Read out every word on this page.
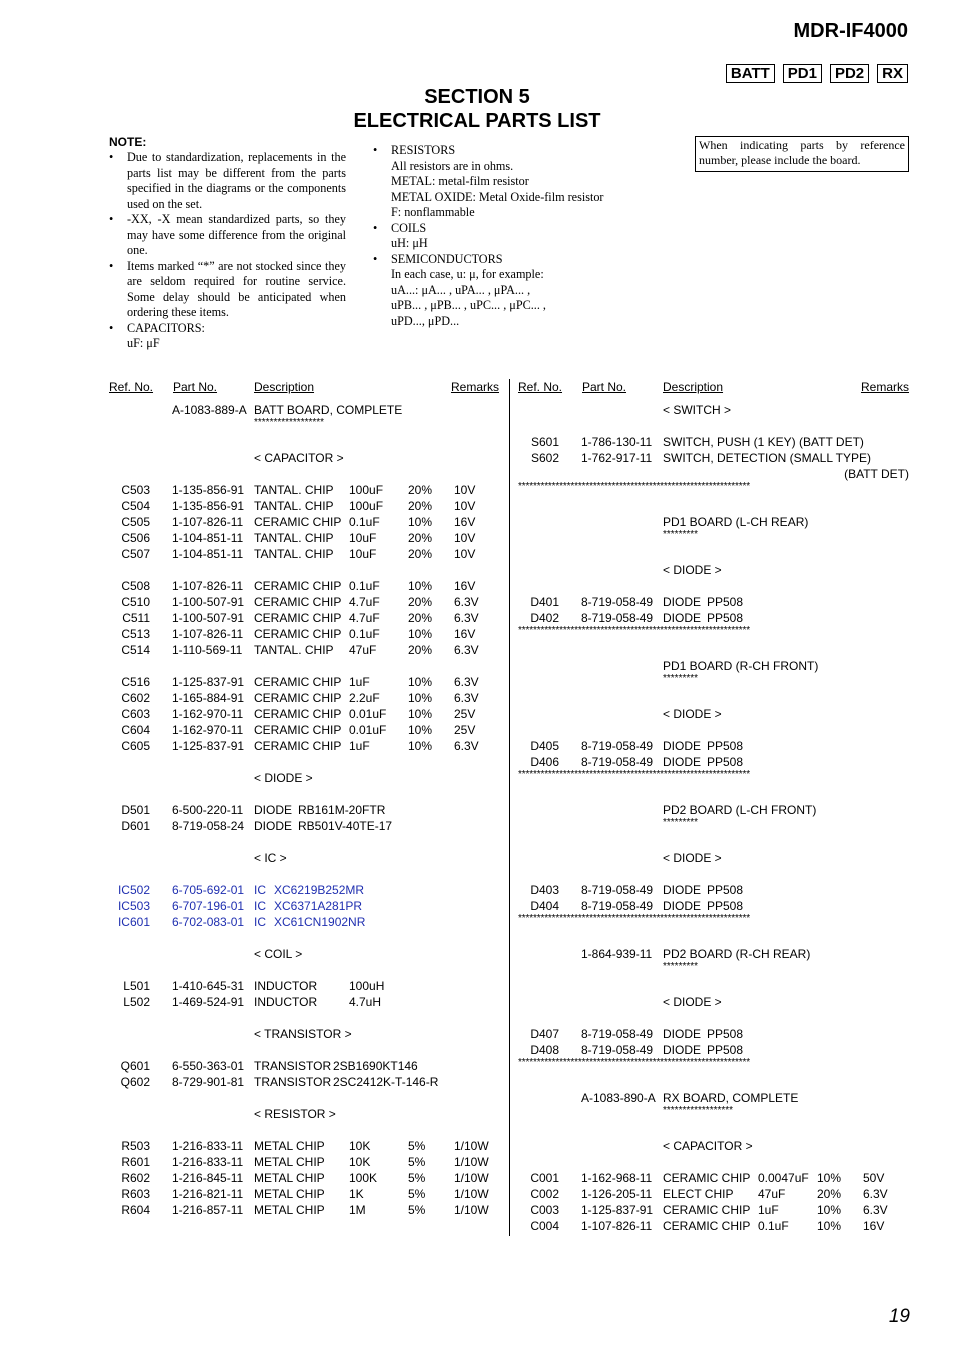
MDR-IF4000
BATT	PD1	PD2	RX
SECTION 5
ELECTRICAL PARTS LIST
NOTE:
• Due to standardization, replacements in the parts list may be different from the parts specified in the diagrams or the components used on the set.
• -XX, -X mean standardized parts, so they may have some difference from the original one.
• Items marked “*” are not stocked since they are seldom required for routine service. Some delay should be anticipated when ordering these items.
• CAPACITORS:
uF: μF
• RESISTORS
All resistors are in ohms.
METAL: metal-film resistor
METAL OXIDE: Metal Oxide-film resistor
F: nonflammable
• COILS
uH: μH
• SEMICONDUCTORS
In each case, u: μ, for example:
uA...: μA... , uPA... , μPA... ,
uPB... , μPB... , uPC... , μPC... ,
uPD..., μPD...
When indicating parts by reference number, please include the board.
Ref. No. Part No.	Description	Remarks
A-1083-889-A BATT BOARD, COMPLETE
******************
< CAPACITOR >
C503 1-135-856-91 TANTAL. CHIP 100uF 20% 10V
C504 1-135-856-91 TANTAL. CHIP 100uF 20% 10V
C505 1-107-826-11 CERAMIC CHIP 0.1uF 10% 16V
C506 1-104-851-11 TANTAL. CHIP 10uF	20% 10V
C507 1-104-851-11 TANTAL. CHIP 10uF	20% 10V
C508 1-107-826-11 CERAMIC CHIP 0.1uF 10% 16V
C510 1-100-507-91 CERAMIC CHIP 4.7uF 20% 6.3V
C511 1-100-507-91 CERAMIC CHIP 4.7uF 20% 6.3V
C513 1-107-826-11 CERAMIC CHIP 0.1uF 10% 16V
C514 1-110-569-11 TANTAL. CHIP 47uF	20% 6.3V
C516 1-125-837-91 CERAMIC CHIP 1uF	10% 6.3V
C602 1-165-884-91 CERAMIC CHIP 2.2uF 10% 6.3V
C603 1-162-970-11 CERAMIC CHIP 0.01uF 10% 25V
C604 1-162-970-11 CERAMIC CHIP 0.01uF 10% 25V
C605 1-125-837-91 CERAMIC CHIP 1uF	10% 6.3V
< DIODE >
D501 6-500-220-11 DIODE RB161M-20FTR
D601 8-719-058-24 DIODE RB501V-40TE-17
< IC >
IC502 6-705-692-01 IC XC6219B252MR
IC503 6-707-196-01 IC XC6371A281PR
IC601 6-702-083-01 IC XC61CN1902NR
< COIL >
L501 1-410-645-31 INDUCTOR	100uH
L502 1-469-524-91 INDUCTOR	4.7uH
< TRANSISTOR >
Q601 6-550-363-01 TRANSISTOR 2SB1690KT146
Q602 8-729-901-81 TRANSISTOR 2SC2412K-T-146-R
< RESISTOR >
R503 1-216-833-11 METAL CHIP 10K	5% 1/10W
R601 1-216-833-11 METAL CHIP 10K	5% 1/10W
R602 1-216-845-11 METAL CHIP 100K	5% 1/10W
R603 1-216-821-11 METAL CHIP 1K	5% 1/10W
R604 1-216-857-11 METAL CHIP 1M	5% 1/10W
Ref. No. Part No.	Description	Remarks
< SWITCH >
S601 1-786-130-11 SWITCH, PUSH (1 KEY) (BATT DET)
S602 1-762-917-11 SWITCH, DETECTION (SMALL TYPE)
(BATT DET)
**************************************************************
PD1 BOARD (L-CH REAR)
*********
< DIODE >
D401 8-719-058-49 DIODE PP508
D402 8-719-058-49 DIODE PP508
**************************************************************
PD1 BOARD (R-CH FRONT)
*********
< DIODE >
D405 8-719-058-49 DIODE PP508
D406 8-719-058-49 DIODE PP508
**************************************************************
PD2 BOARD (L-CH FRONT)
*********
< DIODE >
D403 8-719-058-49 DIODE PP508
D404 8-719-058-49 DIODE PP508
**************************************************************
1-864-939-11 PD2 BOARD (R-CH REAR)
*********
< DIODE >
D407 8-719-058-49 DIODE PP508
D408 8-719-058-49 DIODE PP508
**************************************************************
A-1083-890-A RX BOARD, COMPLETE
******************
< CAPACITOR >
C001 1-162-968-11 CERAMIC CHIP 0.0047uF 10% 50V
C002 1-126-205-11 ELECT CHIP 47uF	20% 6.3V
C003 1-125-837-91 CERAMIC CHIP 1uF	10% 6.3V
C004 1-107-826-11 CERAMIC CHIP 0.1uF 10% 16V
19
